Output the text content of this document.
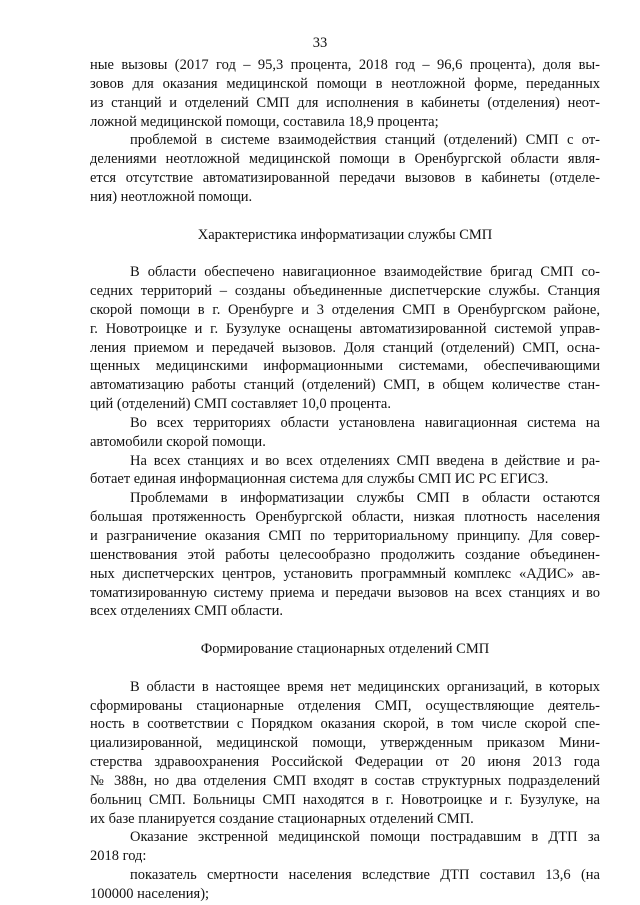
33
ные вызовы (2017 год – 95,3 процента, 2018 год – 96,6 процента), доля вы-
зовов для оказания медицинской помощи в неотложной форме, переданных
из станций и отделений СМП для исполнения в кабинеты (отделения) неот-
ложной медицинской помощи, составила 18,9 процента;
проблемой в системе взаимодействия станций (отделений) СМП с от-
делениями неотложной медицинской помощи в Оренбургской области явля-
ется отсутствие автоматизированной передачи вызовов в кабинеты (отделе-
ния) неотложной помощи.
Характеристика информатизации службы СМП
В области обеспечено навигационное взаимодействие бригад СМП со-
седних территорий – созданы объединенные диспетчерские службы. Станция
скорой помощи в г. Оренбурге и 3 отделения СМП в Оренбургском районе,
г. Новотроицке и г. Бузулуке оснащены автоматизированной системой управ-
ления приемом и передачей вызовов. Доля станций (отделений) СМП, осна-
щенных медицинскими информационными системами, обеспечивающими
автоматизацию работы станций (отделений) СМП, в общем количестве стан-
ций (отделений) СМП составляет 10,0 процента.
Во всех территориях области установлена навигационная система на
автомобили скорой помощи.
На всех станциях и во всех отделениях СМП введена в действие и ра-
ботает единая информационная система для службы СМП ИС РС ЕГИСЗ.
Проблемами в информатизации службы СМП в области остаются
большая протяженность Оренбургской области, низкая плотность населения
и разграничение оказания СМП по территориальному принципу. Для совер-
шенствования этой работы целесообразно продолжить создание объединен-
ных диспетчерских центров, установить программный комплекс «АДИС» ав-
томатизированную систему приема и передачи вызовов на всех станциях и во
всех отделениях СМП области.
Формирование стационарных отделений СМП
В области в настоящее время нет медицинских организаций, в которых
сформированы стационарные отделения СМП, осуществляющие деятель-
ность в соответствии с Порядком оказания скорой, в том числе скорой спе-
циализированной, медицинской помощи, утвержденным приказом Мини-
стерства здравоохранения Российской Федерации от 20 июня 2013 года
№ 388н, но два отделения СМП входят в состав структурных подразделений
больниц СМП. Больницы СМП находятся в г. Новотроицке и г. Бузулуке, на
их базе планируется создание стационарных отделений СМП.
Оказание экстренной медицинской помощи пострадавшим в ДТП за
2018 год:
показатель смертности населения вследствие ДТП составил 13,6 (на
100000 населения);
